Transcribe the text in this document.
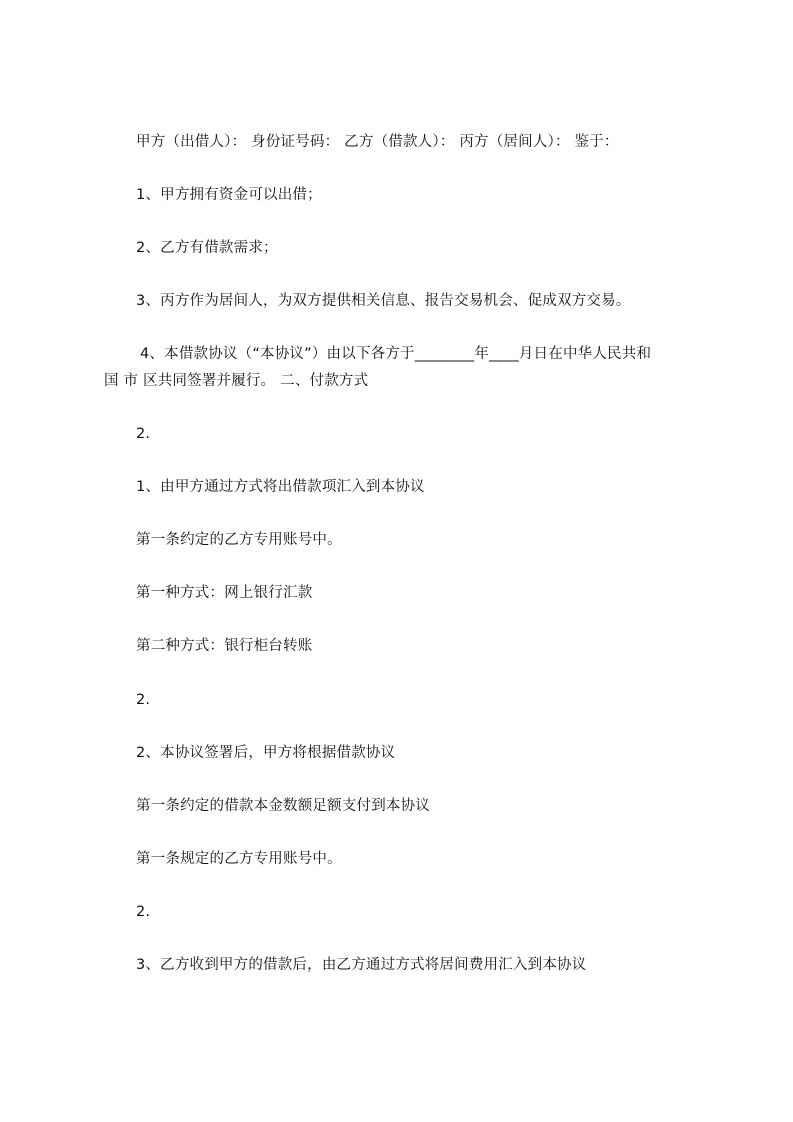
甲方（出借人）： 身份证号码： 乙方（借款人）： 丙方（居间人）： 鉴于：
1、甲方拥有资金可以出借；
2、乙方有借款需求；
3、丙方作为居间人，为双方提供相关信息、报告交易机会、促成双方交易。
4、本借款协议（“本协议”）由以下各方于________年____月日在中华人民共和
国 市 区共同签署并履行。 二、付款方式
2.
1、由甲方通过方式将出借款项汇入到本协议
第一条约定的乙方专用账号中。
第一种方式：网上银行汇款
第二种方式：银行柜台转账
2.
2、本协议签署后，甲方将根据借款协议
第一条约定的借款本金数额足额支付到本协议
第一条规定的乙方专用账号中。
2.
3、乙方收到甲方的借款后，由乙方通过方式将居间费用汇入到本协议
